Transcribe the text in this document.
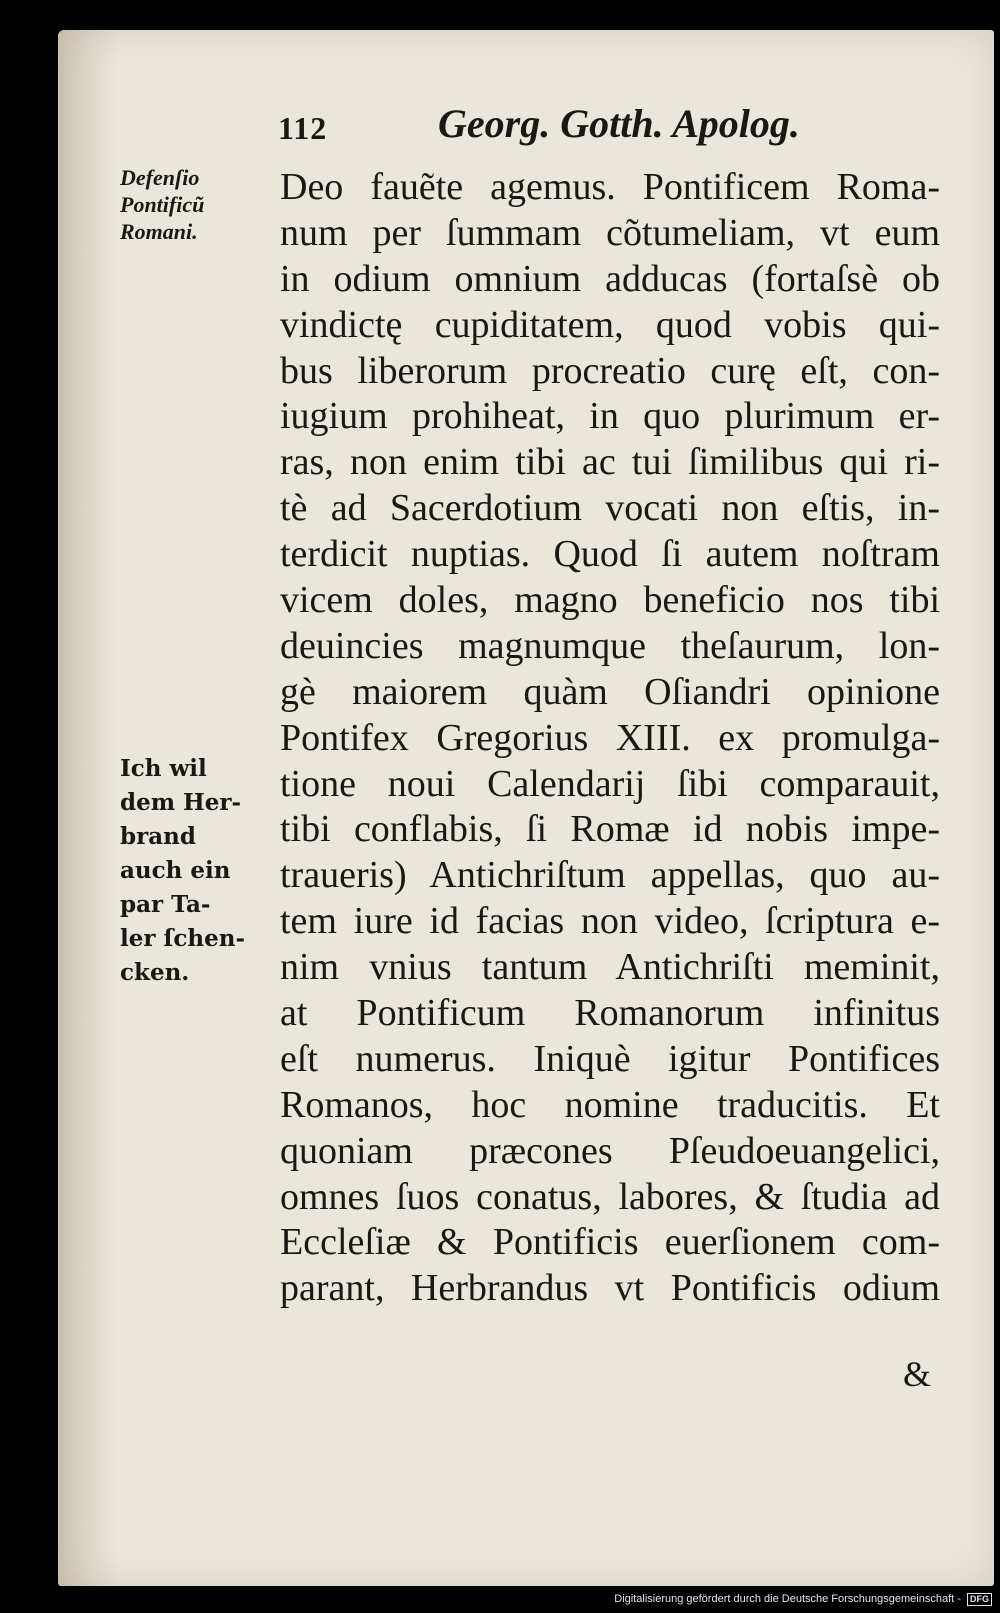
112	Georg. Gotth. Apolog.
Defenſio
Pontificũ
Romani.
Ich wil
dem Her-
brand
auch ein
par Ta-
ler ſchen-
cken.
Deo fauẽte agemus. Pontificem Roma-
num per ſummam cõtumeliam, vt eum
in odium omnium adducas (fortaſsè ob
vindictę cupiditatem, quod vobis qui-
bus liberorum procreatio curę eſt, con-
iugium prohiheat, in quo plurimum er-
ras, non enim tibi ac tui ſimilibus qui ri-
tè ad Sacerdotium vocati non eſtis, in-
terdicit nuptias. Quod ſi autem noſtram
vicem doles, magno beneficio nos tibi
deuincies magnumque theſaurum, lon-
gè maiorem quàm Oſiandri opinione
Pontifex Gregorius XIII. ex promulga-
tione noui Calendarij ſibi comparauit,
tibi conflabis, ſi Romæ id nobis impe-
traueris) Antichriſtum appellas, quo au-
tem iure id facias non video, ſcriptura e-
nim vnius tantum Antichriſti meminit,
at Pontificum Romanorum infinitus
eſt numerus. Iniquè igitur Pontifices
Romanos, hoc nomine traducitis. Et
quoniam præcones Pſeudoeuangelici,
omnes ſuos conatus, labores, & ſtudia ad
Eccleſiæ & Pontificis euerſionem com-
parant, Herbrandus vt Pontificis odium
&
Digitalisierung gefördert durch die Deutsche Forschungsgemeinschaft - DFG
